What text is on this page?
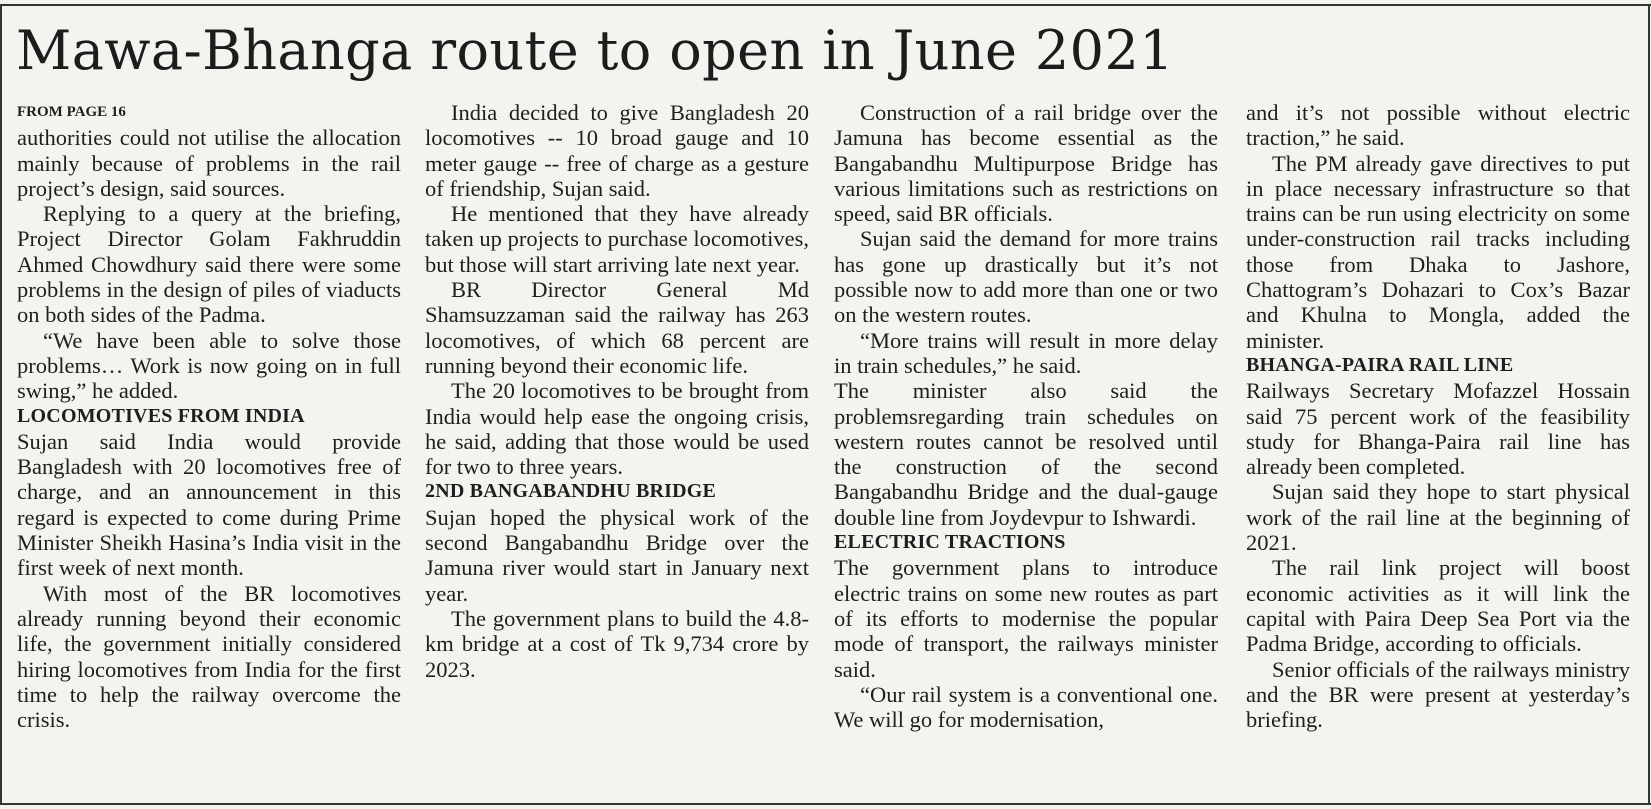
Mawa-Bhanga route to open in June 2021
FROM PAGE 16

authorities could not utilise the allocation mainly because of problems in the rail project’s design, said sources.

Replying to a query at the briefing, Project Director Golam Fakhruddin Ahmed Chowdhury said there were some problems in the design of piles of viaducts on both sides of the Padma.

“We have been able to solve those problems… Work is now going on in full swing,” he added.

LOCOMOTIVES FROM INDIA

Sujan said India would provide Bangladesh with 20 locomotives free of charge, and an announcement in this regard is expected to come during Prime Minister Sheikh Hasina’s India visit in the first week of next month.

With most of the BR locomotives already running beyond their economic life, the government initially considered hiring locomotives from India for the first time to help the railway overcome the crisis.

India decided to give Bangladesh 20 locomotives -- 10 broad gauge and 10 meter gauge -- free of charge as a gesture of friendship, Sujan said.

He mentioned that they have already taken up projects to purchase locomotives, but those will start arriving late next year.

BR Director General Md Shamsuzzaman said the railway has 263 locomotives, of which 68 percent are running beyond their economic life.

The 20 locomotives to be brought from India would help ease the ongoing crisis, he said, adding that those would be used for two to three years.

2ND BANGABANDHU BRIDGE

Sujan hoped the physical work of the second Bangabandhu Bridge over the Jamuna river would start in January next year.

The government plans to build the 4.8-km bridge at a cost of Tk 9,734 crore by 2023.

Construction of a rail bridge over the Jamuna has become essential as the Bangabandhu Multipurpose Bridge has various limitations such as restrictions on speed, said BR officials.

Sujan said the demand for more trains has gone up drastically but it’s not possible now to add more than one or two on the western routes.

“More trains will result in more delay in train schedules,” he said.

The minister also said the problemsregarding train schedules on western routes cannot be resolved until the construction of the second Bangabandhu Bridge and the dual-gauge double line from Joydevpur to Ishwardi.

ELECTRIC TRACTIONS

The government plans to introduce electric trains on some new routes as part of its efforts to modernise the popular mode of transport, the railways minister said.

“Our rail system is a conventional one. We will go for modernisation,

and it’s not possible without electric traction,” he said.

The PM already gave directives to put in place necessary infrastructure so that trains can be run using electricity on some under-construction rail tracks including those from Dhaka to Jashore, Chattogram’s Dohazari to Cox’s Bazar and Khulna to Mongla, added the minister.

BHANGA-PAIRA RAIL LINE

Railways Secretary Mofazzel Hossain said 75 percent work of the feasibility study for Bhanga-Paira rail line has already been completed.

Sujan said they hope to start physical work of the rail line at the beginning of 2021.

The rail link project will boost economic activities as it will link the capital with Paira Deep Sea Port via the Padma Bridge, according to officials.

Senior officials of the railways ministry and the BR were present at yesterday’s briefing.
